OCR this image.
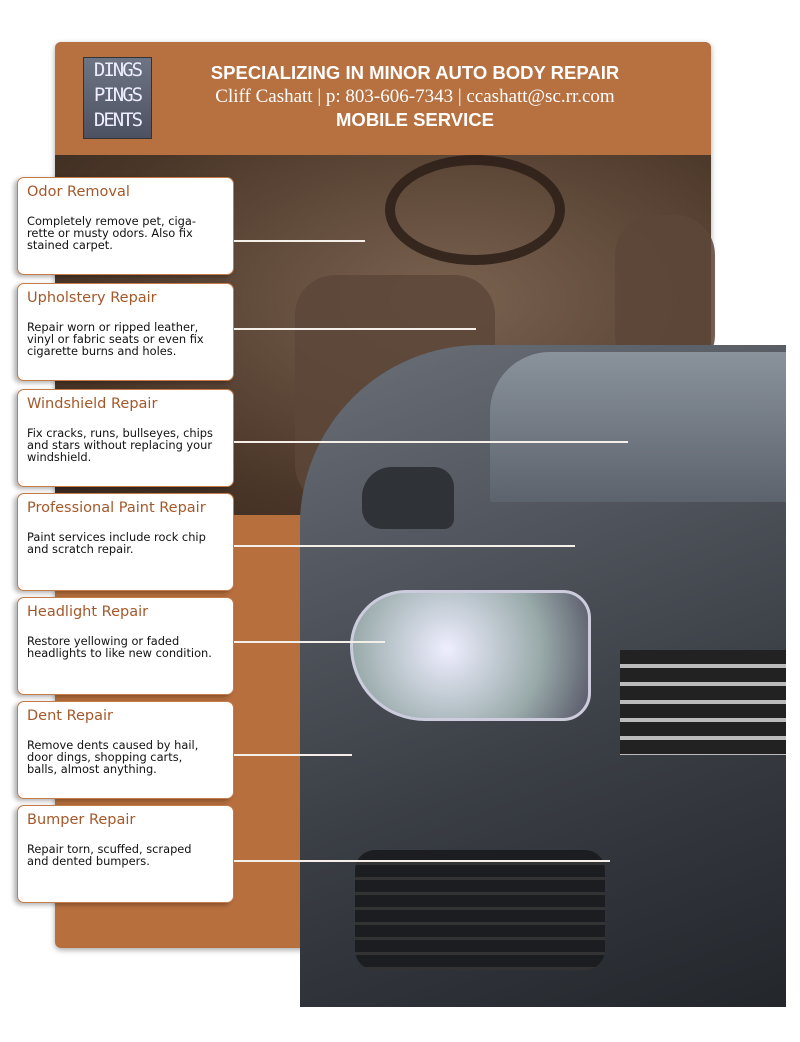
DINGS
PINGS
DENTS
SPECIALIZING IN MINOR AUTO BODY REPAIR
Cliff Cashatt | p: 803-606-7343 | ccashatt@sc.rr.com
MOBILE SERVICE
Odor Removal
Completely remove pet, ciga-
rette or musty odors. Also fix
stained carpet.
Upholstery Repair
Repair worn or ripped leather,
vinyl or fabric seats or even fix
cigarette burns and holes.
Windshield Repair
Fix cracks, runs, bullseyes, chips
and stars without replacing your
windshield.
Professional Paint Repair
Paint services include rock chip
and scratch repair.
Headlight Repair
Restore yellowing or faded
headlights to like new condition.
Dent Repair
Remove dents caused by hail,
door dings, shopping carts,
balls, almost anything.
Bumper Repair
Repair torn, scuffed, scraped
and dented bumpers.
